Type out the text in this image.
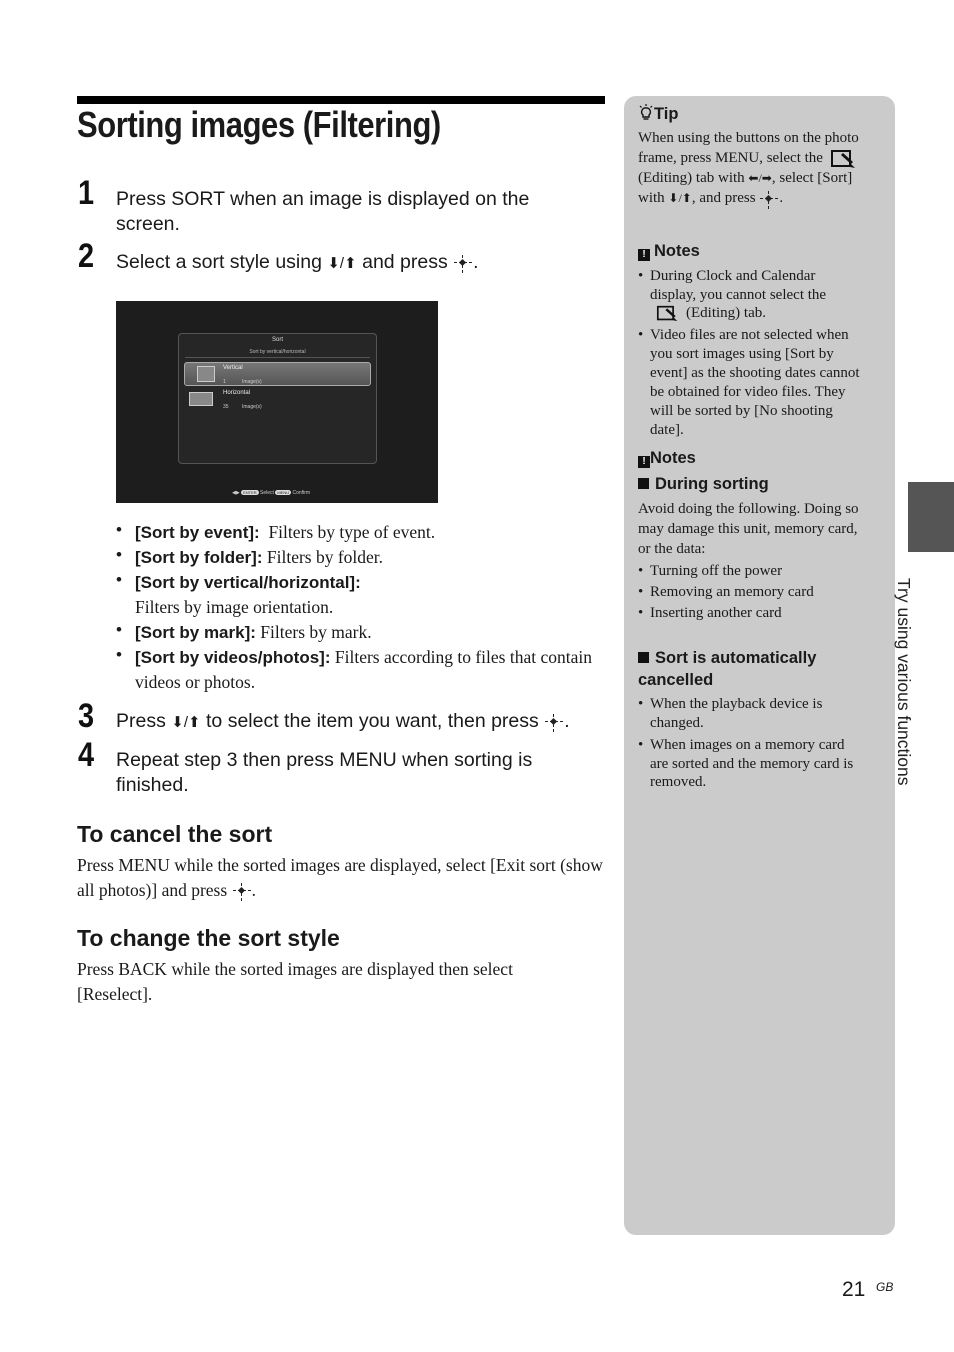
Sorting images (Filtering)
1 Press SORT when an image is displayed on the screen.
2 Select a sort style using ⬇/⬆ and press .
Sort
Sort by vertical/horizontal
Vertical
1	Image(s)
Horizontal
35	Image(s)
◀▶ ENTER Select MENU Confirm
• [Sort by event]: Filters by type of event.
• [Sort by folder]: Filters by folder.
• [Sort by vertical/horizontal]:
Filters by image orientation.
• [Sort by mark]: Filters by mark.
• [Sort by videos/photos]: Filters according to files that contain videos or photos.
3 Press ⬇/⬆ to select the item you want, then press .
4 Repeat step 3 then press MENU when sorting is finished.
To cancel the sort
Press MENU while the sorted images are displayed, select [Exit sort (show all photos)] and press .
To change the sort style
Press BACK while the sorted images are displayed then select [Reselect].
Tip
When using the buttons on the photo
frame, press MENU, select the
(Editing) tab with ⬅/➡, select [Sort]
with ⬇/⬆, and press .
! Notes
• During Clock and Calendar
display, you cannot select the
(Editing) tab.
• Video files are not selected when
you sort images using [Sort by
event] as the shooting dates cannot
be obtained for video files. They
will be sorted by [No shooting
date].
! Notes
During sorting
Avoid doing the following. Doing so
may damage this unit, memory card,
or the data:
• Turning off the power
• Removing an memory card
• Inserting another card
Sort is automatically
cancelled
• When the playback device is
changed.
• When images on a memory card
are sorted and the memory card is
removed.	Try using various functions
21 GB
